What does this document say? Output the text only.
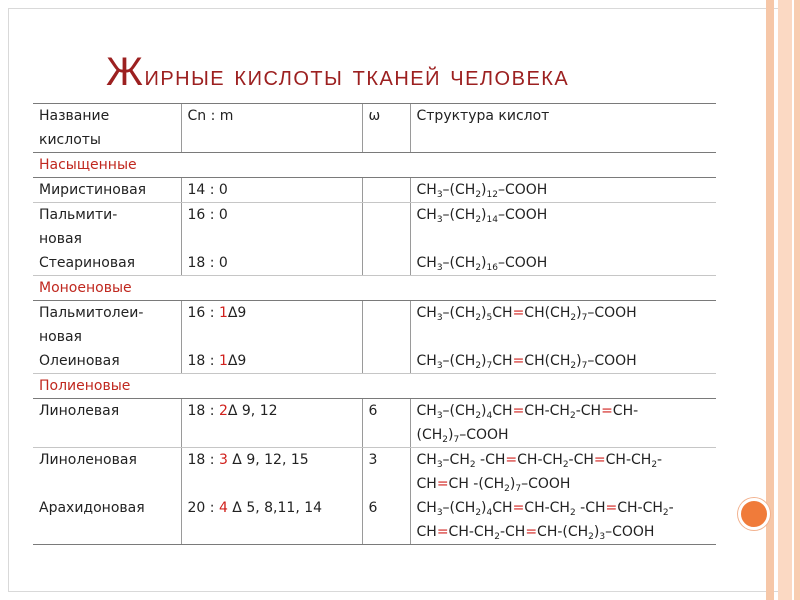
Жирные кислоты тканей человека
Название кислоты	Cn : m	ω	Структура кислот
Насыщенные			
Миристиновая	14 : 0		$CH_3-(CH_2)_{12}$–COOH

Пальмити-
новая	16 : 0		$CH_3-(CH_2)_{14}$–COOH
Стеариновая	18 : 0		$CH_3-(CH_2)_{16}$–COOH
Моноеновые			

Пальмитолеи-
новая	16 : 1Δ9		$CH_3-(CH_2)_5CH=CH(CH_2)_7$–COOH
Олеиновая	18 : 1Δ9		$CH_3-(CH_2)_7CH=CH(CH_2)_7$–COOH
Полиеновые			
Линолевая	18 : 2Δ 9, 12	6	$CH_3-(CH_2)_4CH=CH-CH_2-CH=CH-$
$(CH_2)_7$–COOH

Линоленовая	18 : 3 Δ 9, 12, 15	3	$CH_3-CH_2$ $-CH=CH-CH_2-CH=CH-CH_2-$
CH=CH $-(CH_2)_7$–COOH

Арахидоновая	20 : 4 Δ 5, 8,11, 14	6	$CH_3-(CH_2)_4CH=CH-CH_2$ $-CH=CH-CH_2-$
$CH=CH-CH_2-CH=CH-(CH_2)_3$–COOH
